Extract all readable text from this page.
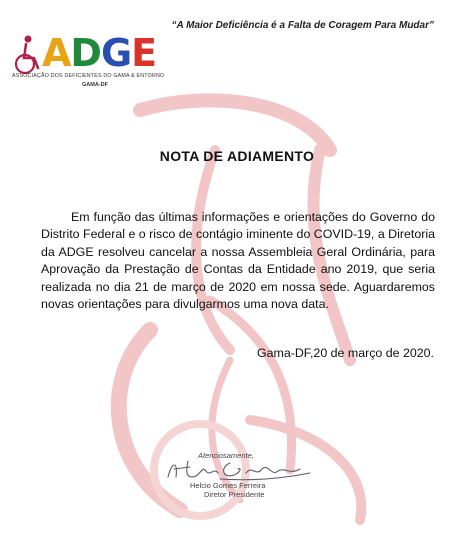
“A Maior Deficiência é a Falta de Coragem Para Mudar”
ADGE
ASSOCIAÇÃO DOS DEFICIENTES DO GAMA & ENTORNO
GAMA-DF
NOTA DE ADIAMENTO
Em função das últimas informações e orientações do Governo do Distrito Federal e o risco de contágio iminente do COVID-19, a Diretoria da ADGE resolveu cancelar a nossa Assembleia Geral Ordinária, para Aprovação da Prestação de Contas da Entidade ano 2019, que seria realizada no dia 21 de março de 2020 em nossa sede. Aguardaremos novas orientações para divulgarmos uma nova data.
Gama-DF,20 de março de 2020.
Atenciosamente,
Helcio Gomes Ferreira
Diretor Presidente
